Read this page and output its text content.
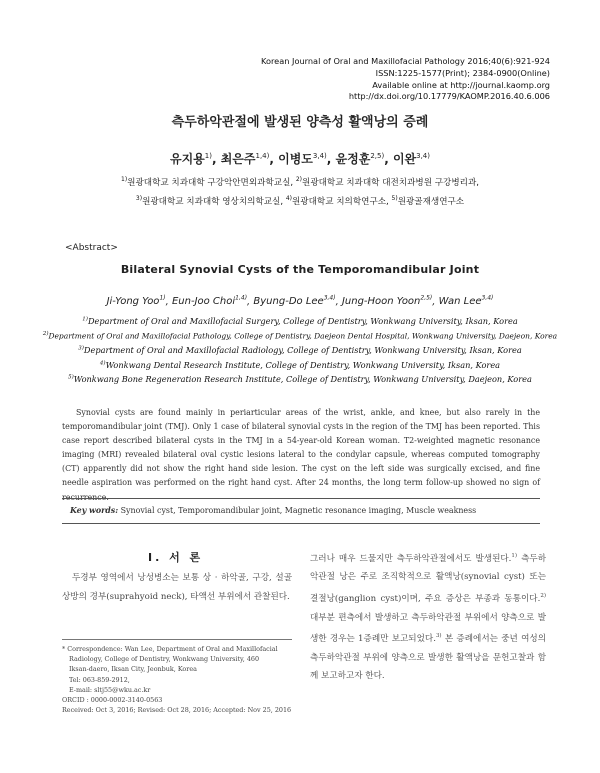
Korean Journal of Oral and Maxillofacial Pathology 2016;40(6):921-924
ISSN:1225-1577(Print); 2384-0900(Online)
Available online at http://journal.kaomp.org
http://dx.doi.org/10.17779/KAOMP.2016.40.6.006
측두하악관절에 발생된 양측성 활액낭의 증례
유지용$^{1)}$, 최은주$^{1,4)}$, 이병도$^{3,4)}$, 윤정훈$^{2,5)}$, 이완$^{3,4)}$
$^{1)}$원광대학교 치과대학 구강악안면외과학교실, $^{2)}$원광대학교 치과대학 대전치과병원 구강병리과,
$^{3)}$원광대학교 치과대학 영상치의학교실, $^{4)}$원광대학교 치의학연구소, $^{5)}$원광골재생연구소
<Abstract>
Bilateral Synovial Cysts of the Temporomandibular Joint
Ji-Yong Yoo$^{1)}$, Eun-Joo Choi$^{1,4)}$, Byung-Do Lee$^{3,4)}$, Jung-Hoon Yoon$^{2,5)}$, Wan Lee$^{3,4)}$
$^{1)}$Department of Oral and Maxillofacial Surgery, College of Dentistry, Wonkwang University, Iksan, Korea
$^{2)}$Department of Oral and Maxillofacial Pathology, College of Dentistry, Daejeon Dental Hospital, Wonkwang University, Daejeon, Korea
$^{3)}$Department of Oral and Maxillofacial Radiology, College of Dentistry, Wonkwang University, Iksan, Korea
$^{4)}$Wonkwang Dental Research Institute, College of Dentistry, Wonkwang University, Iksan, Korea
$^{5)}$Wonkwang Bone Regeneration Research Institute, College of Dentistry, Wonkwang University, Daejeon, Korea

Synovial cysts are found mainly in periarticular areas of the wrist, ankle, and knee, but also rarely in the temporomandibular joint (TMJ). Only 1 case of bilateral synovial cysts in the region of the TMJ has been reported. This case report described bilateral cysts in the TMJ in a 54-year-old Korean woman. T2-weighted magnetic resonance imaging (MRI) revealed bilateral oval cystic lesions lateral to the condylar capsule, whereas computed tomography (CT) apparently did not show the right hand side lesion. The cyst on the left side was surgically excised, and fine needle aspiration was performed on the right hand cyst. After 24 months, the long term follow-up showed no sign of

Key words: Synovial cyst, Temporomandibular joint, Magnetic resonance imaging, Muscle weakness
Ⅰ. 서 론

두경부 영역에서 낭성병소는 보통 상 · 하악골, 구강, 설골 상방의 경부(suprahyoid neck), 타액선 부위에서 관찰된다.

그러나 매우 드물지만 측두하악관절에서도 발생된다.$^{1)}$ 측두하악관절 낭은 주로 조직학적으로 활액낭(synovial cyst) 또는 결절낭(ganglion cyst)이며, 주요 증상은 부종과 동통이다.$^{2)}$ 대부분 편측에서 발생하고 측두하악관절 부위에서 양측으로 발생한 경우는 1증례만 보고되었다.$^{3)}$ 본 증례에서는 중년 여성의 측두하악관절 부위에 양측으로 발생한 활액낭을 문헌고찰과 함께 보고하고자 한다.

* Correspondence: Wan Lee, Department of Oral and Maxillofacial
Radiology, College of Dentistry, Wonkwang University, 460
Iksan-daero, Iksan City, Jeonbuk, Korea
Tel: 063-859-2912,
E-mail: sltj55@wku.ac.kr
ORCID : 0000-0002-3140-0563
Received: Oct 3, 2016; Revised: Oct 28, 2016; Accepted: Nov 25, 2016
